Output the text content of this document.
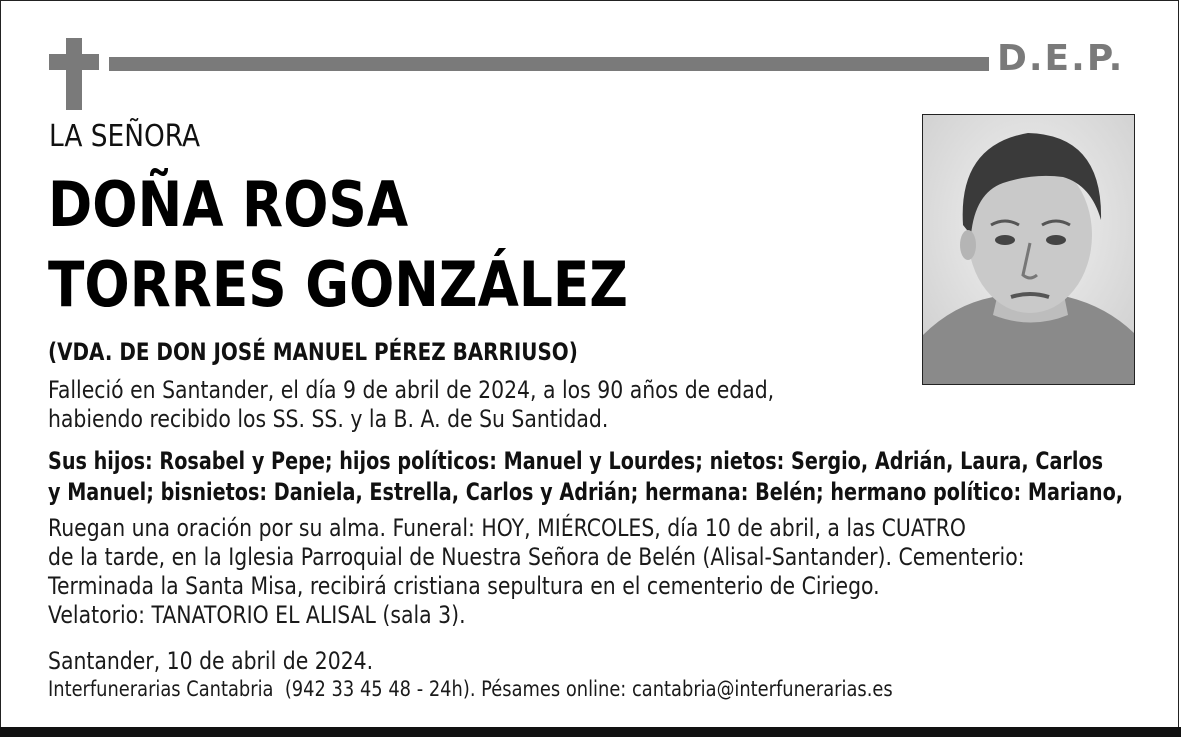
D.E.P.
LA SEÑORA
DOÑA ROSA
TORRES GONZÁLEZ
(VDA. DE DON JOSÉ MANUEL PÉREZ BARRIUSO)
Falleció en Santander, el día 9 de abril de 2024, a los 90 años de edad,
habiendo recibido los SS. SS. y la B. A. de Su Santidad.
Sus hijos: Rosabel y Pepe; hijos políticos: Manuel y Lourdes; nietos: Sergio, Adrián, Laura, Carlos
y Manuel; bisnietos: Daniela, Estrella, Carlos y Adrián; hermana: Belén; hermano político: Mariano,
Ruegan una oración por su alma. Funeral: HOY, MIÉRCOLES, día 10 de abril, a las CUATRO
de la tarde, en la Iglesia Parroquial de Nuestra Señora de Belén (Alisal-Santander). Cementerio:
Terminada la Santa Misa, recibirá cristiana sepultura en el cementerio de Ciriego.
Velatorio: TANATORIO EL ALISAL (sala 3).
Santander, 10 de abril de 2024.
Interfunerarias Cantabria  (942 33 45 48 - 24h). Pésames online: cantabria@interfunerarias.es
